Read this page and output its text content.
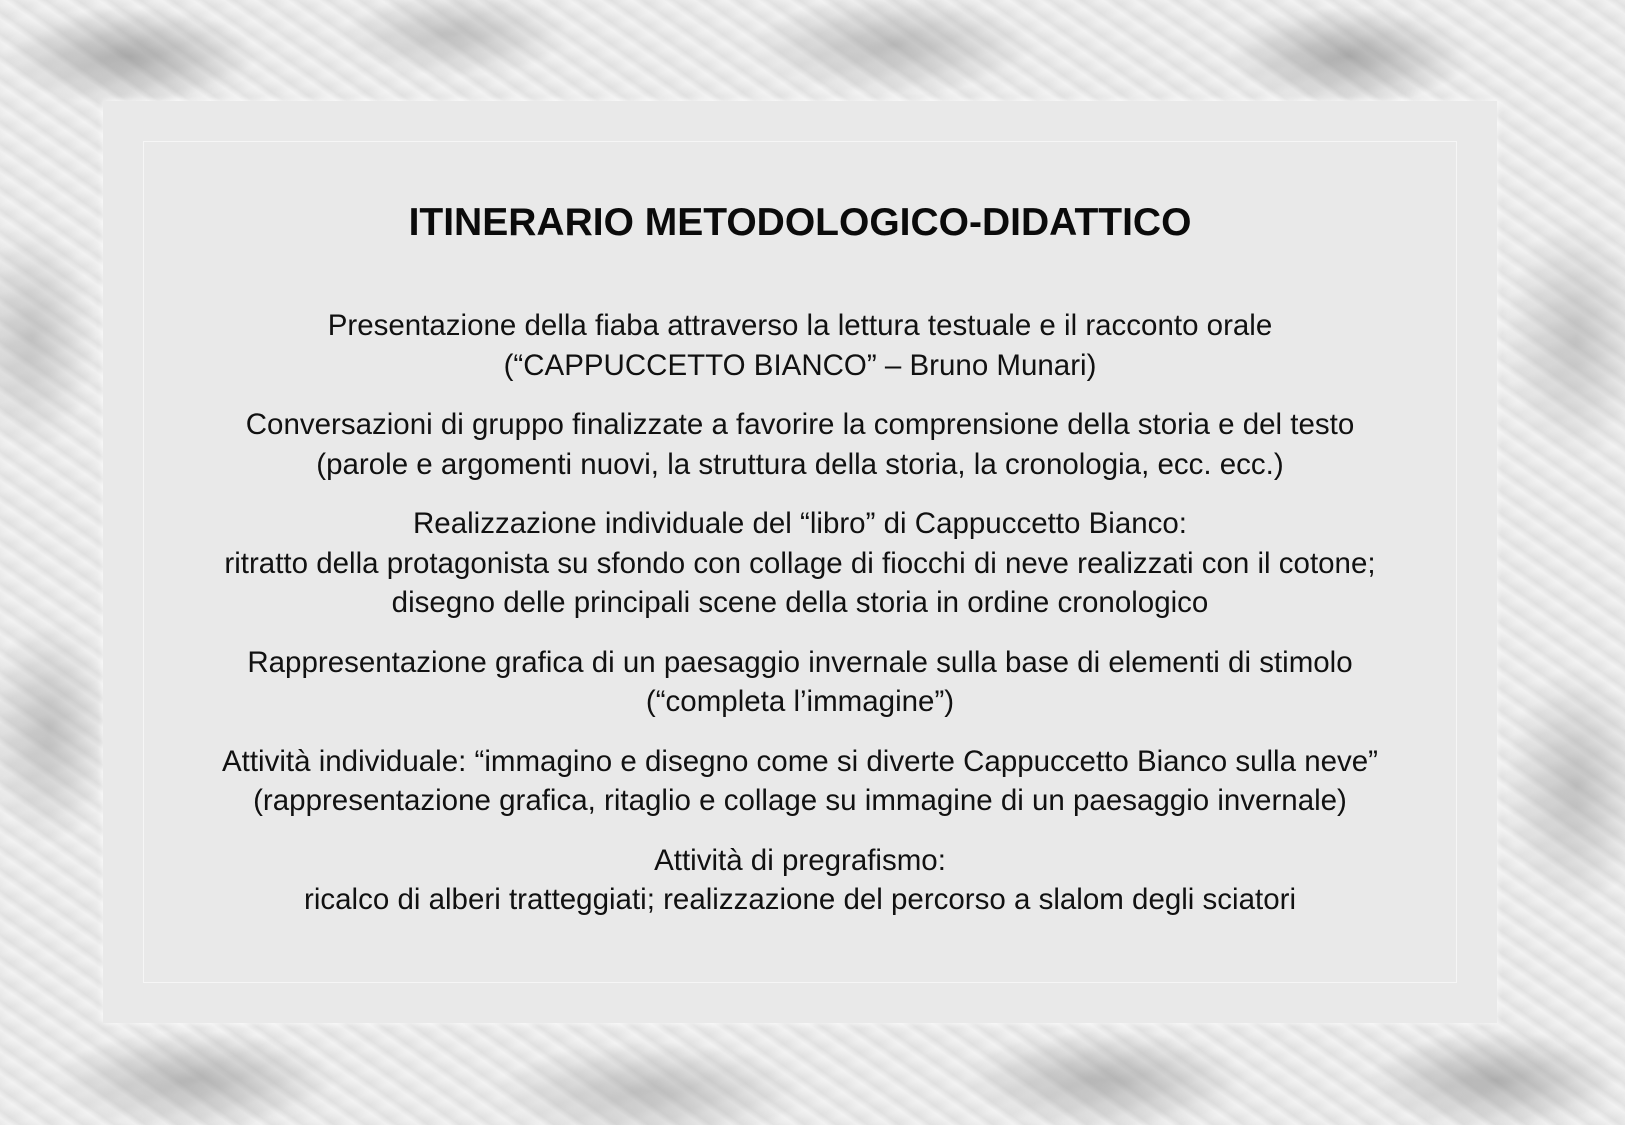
ITINERARIO METODOLOGICO-DIDATTICO
Presentazione della fiaba attraverso la lettura testuale e il racconto orale
(“CAPPUCCETTO BIANCO” – Bruno Munari)
Conversazioni di gruppo finalizzate a favorire la comprensione della storia e del testo
(parole e argomenti nuovi, la struttura della storia, la cronologia, ecc. ecc.)
Realizzazione individuale del “libro” di Cappuccetto Bianco:
ritratto della protagonista su sfondo con collage di fiocchi di neve realizzati con il cotone;
disegno delle principali scene della storia in ordine cronologico
Rappresentazione grafica di un paesaggio invernale sulla base di elementi di stimolo
(“completa l’immagine”)
Attività individuale: “immagino e disegno come si diverte Cappuccetto Bianco sulla neve”
(rappresentazione grafica, ritaglio e collage su immagine di un paesaggio invernale)
Attività di pregrafismo:
ricalco di alberi tratteggiati; realizzazione del percorso a slalom degli sciatori
